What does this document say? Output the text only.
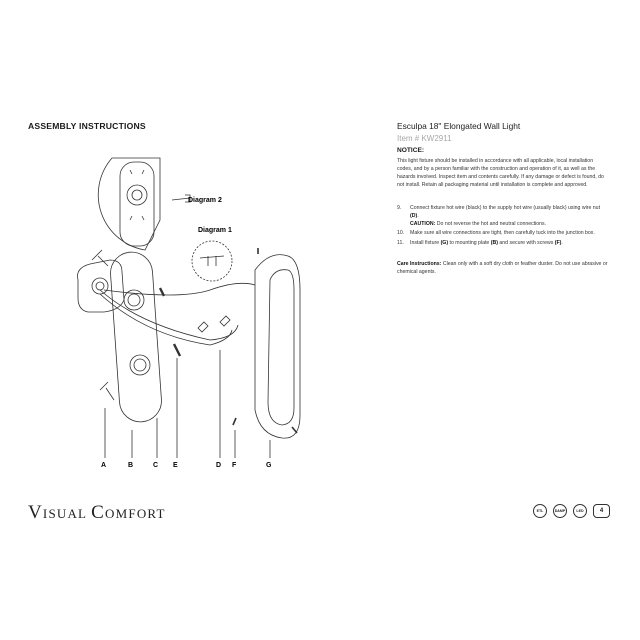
ASSEMBLY INSTRUCTIONS
Diagram 2
Diagram 1
A	B	C E	D F	G

Esculpa 18" Elongated Wall Light

Item # KW2911

NOTICE:

This light fixture should be installed in accordance with all applicable, local installation codes, and by a person familiar with the construction and operation of it, as well as the hazards involved. Inspect item and contents carefully. If any damage or defect is found, do not install. Retain all packaging material until installation is complete and approved.

9.	Connect fixture hot wire (black) to the supply hot wire (usually black) using wire nut (D).
CAUTION: Do not reverse the hot and neutral connections.
10.	Make sure all wire connections are tight, then carefully tuck into the junction box.
11.	Install fixture (G) to mounting plate (B) and secure with screws (F).
Care Instructions: Clean only with a soft dry cloth or feather duster. Do not use abrasive or chemical agents.
VISUAL COMFORT	ETL	DAMP	LED	4
